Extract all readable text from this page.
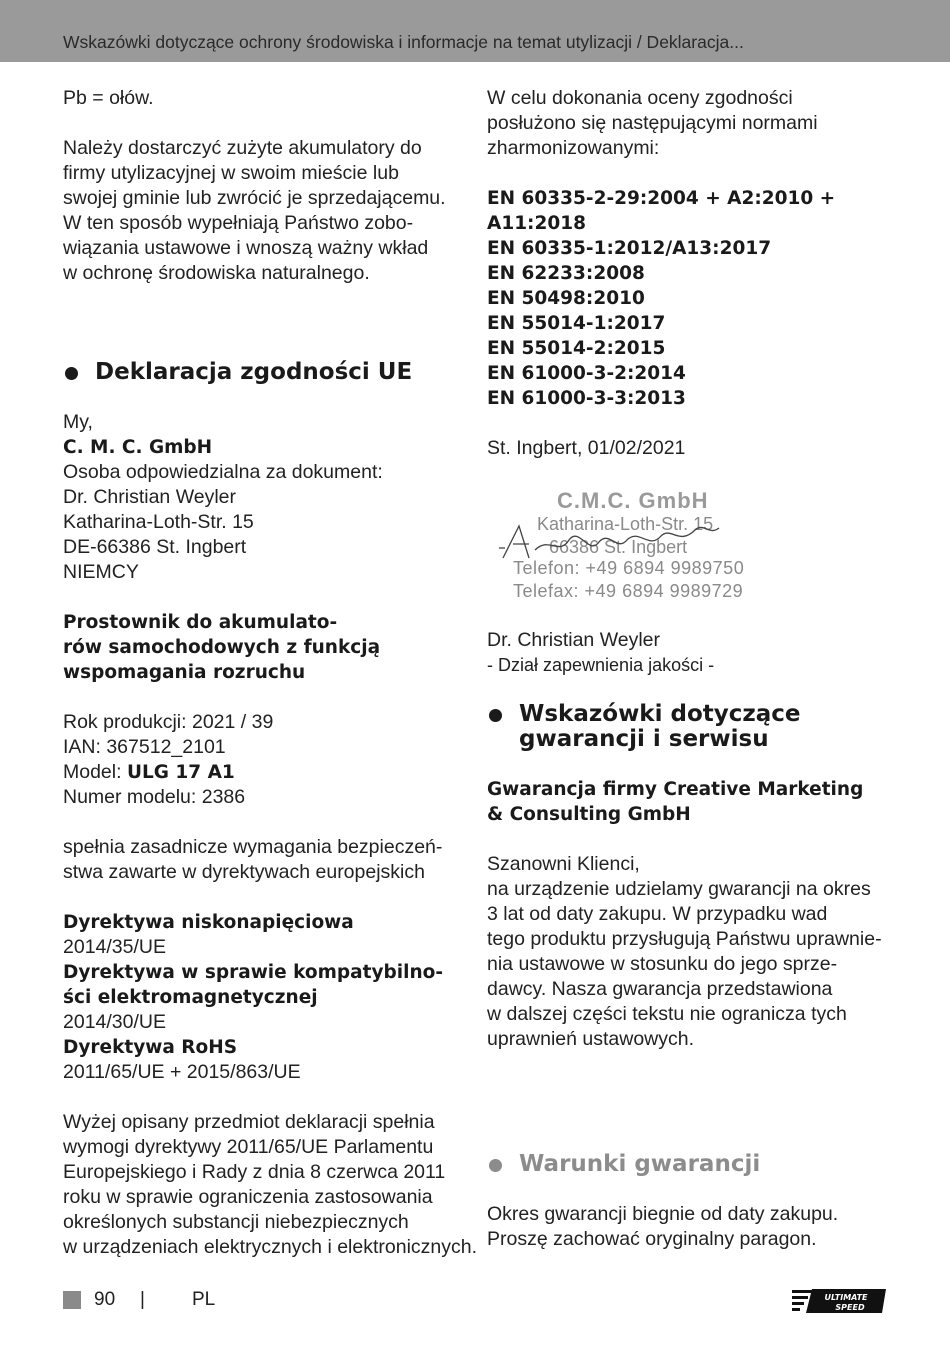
Wskazówki dotyczące ochrony środowiska i informacje na temat utylizacji / Deklaracja...
Pb = ołów.
Należy dostarczyć zużyte akumulatory do
firmy utylizacyjnej w swoim mieście lub
swojej gminie lub zwrócić je sprzedającemu.
W ten sposób wypełniają Państwo zobo-
wiązania ustawowe i wnoszą ważny wkład
w ochronę środowiska naturalnego.
Deklaracja zgodności UE
My,
C. M. C. GmbH
Osoba odpowiedzialna za dokument:
Dr. Christian Weyler
Katharina-Loth-Str. 15
DE-66386 St. Ingbert
NIEMCY
Prostownik do akumulato-
rów samochodowych z funkcją
wspomagania rozruchu
Rok produkcji: 2021 / 39
IAN: 367512_2101
Model: ULG 17 A1
Numer modelu: 2386
spełnia zasadnicze wymagania bezpieczeń-
stwa zawarte w dyrektywach europejskich
Dyrektywa niskonapięciowa
2014/35/UE
Dyrektywa w sprawie kompatybilno-
ści elektromagnetycznej
2014/30/UE
Dyrektywa RoHS
2011/65/UE + 2015/863/UE
Wyżej opisany przedmiot deklaracji spełnia
wymogi dyrektywy 2011/65/UE Parlamentu
Europejskiego i Rady z dnia 8 czerwca 2011
roku w sprawie ograniczenia zastosowania
określonych substancji niebezpiecznych
w urządzeniach elektrycznych i elektronicznych.
W celu dokonania oceny zgodności
posłużono się następującymi normami
zharmonizowanymi:
EN 60335-2-29:2004 + A2:2010 +
A11:2018
EN 60335-1:2012/A13:2017
EN 62233:2008
EN 50498:2010
EN 55014-1:2017
EN 55014-2:2015
EN 61000-3-2:2014
EN 61000-3-3:2013
St. Ingbert, 01/02/2021
C.M.C. GmbH
Katharina-Loth-Str. 15
66386 St. Ingbert
Telefon: +49 6894 9989750
Telefax: +49 6894 9989729
Dr. Christian Weyler
- Dział zapewnienia jakości -
Wskazówki dotyczące
gwarancji i serwisu
Gwarancja firmy Creative Marketing
& Consulting GmbH
Szanowni Klienci,
na urządzenie udzielamy gwarancji na okres
3 lat od daty zakupu. W przypadku wad
tego produktu przysługują Państwu uprawnie-
nia ustawowe w stosunku do jego sprze-
dawcy. Nasza gwarancja przedstawiona
w dalszej części tekstu nie ogranicza tych
uprawnień ustawowych.
Warunki gwarancji
Okres gwarancji biegnie od daty zakupu.
Proszę zachować oryginalny paragon.
90 | PL	ULTIMATE
SPEED
